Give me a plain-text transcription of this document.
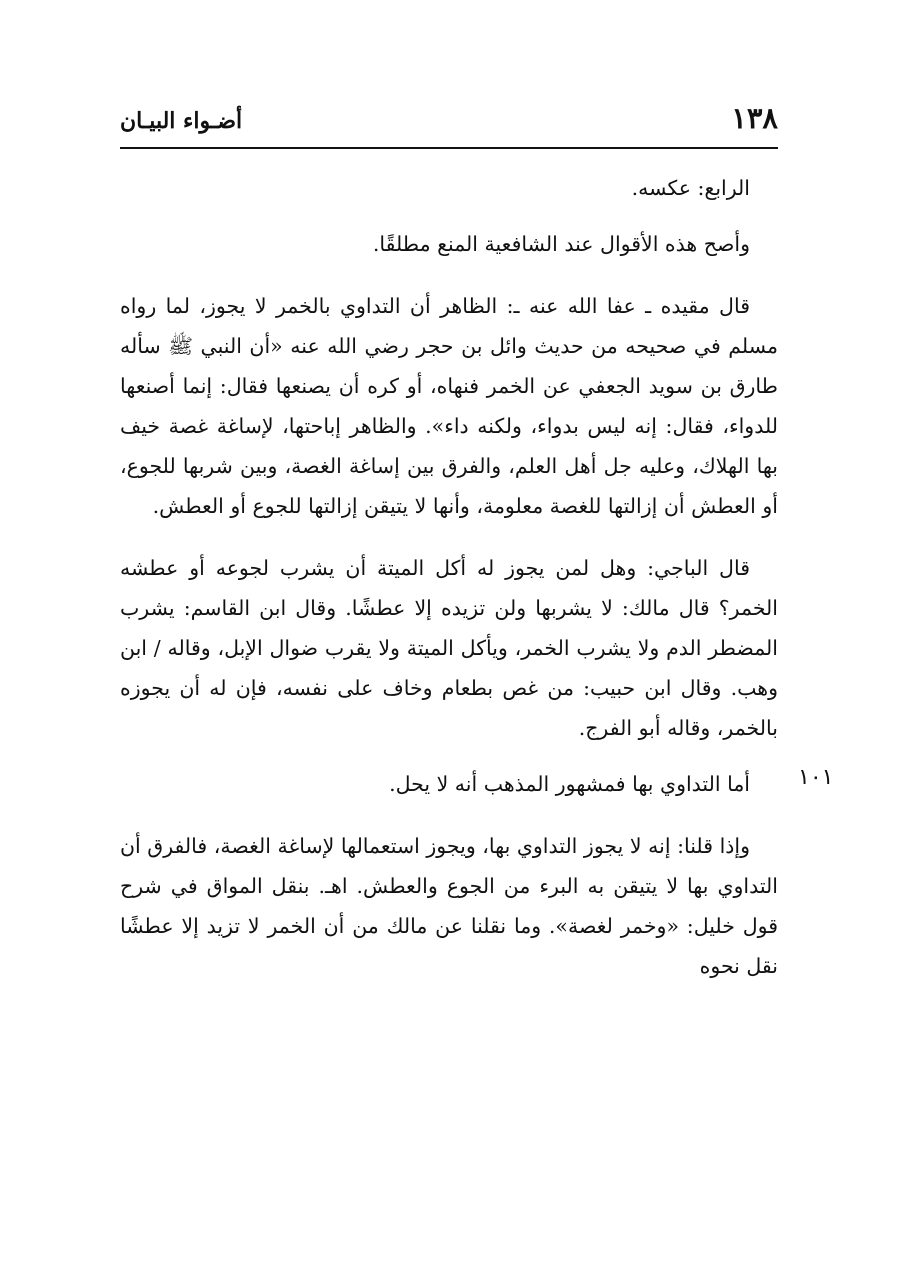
١٣٨
أضـواء البيـان
١٠١

الرابع: عكسه.

وأصح هذه الأقوال عند الشافعية المنع مطلقًا.

قال مقيده ـ عفا الله عنه ـ: الظاهر أن التداوي بالخمر لا يجوز، لما رواه مسلم في صحيحه من حديث وائل بن حجر رضي الله عنه «أن النبي ﷺ سأله طارق بن سويد الجعفي عن الخمر فنهاه، أو كره أن يصنعها فقال: إنما أصنعها للدواء، فقال: إنه ليس بدواء، ولكنه داء». والظاهر إباحتها، لإساغة غصة خيف بها الهلاك، وعليه جل أهل العلم، والفرق بين إساغة الغصة، وبين شربها للجوع، أو العطش أن إزالتها للغصة معلومة، وأنها لا يتيقن إزالتها للجوع أو العطش.

قال الباجي: وهل لمن يجوز له أكل الميتة أن يشرب لجوعه أو عطشه الخمر؟ قال مالك: لا يشربها ولن تزيده إلا عطشًا. وقال ابن القاسم: يشرب المضطر الدم ولا يشرب الخمر، ويأكل الميتة ولا يقرب ضوال الإبل، وقاله / ابن وهب. وقال ابن حبيب: من غص بطعام وخاف على نفسه، فإن له أن يجوزه بالخمر، وقاله أبو الفرج.

أما التداوي بها فمشهور المذهب أنه لا يحل.

وإذا قلنا: إنه لا يجوز التداوي بها، ويجوز استعمالها لإساغة الغصة، فالفرق أن التداوي بها لا يتيقن به البرء من الجوع والعطش. اهـ. بنقل المواق في شرح قول خليل: «وخمر لغصة». وما نقلنا عن مالك من أن الخمر لا تزيد إلا عطشًا نقل نحوه
